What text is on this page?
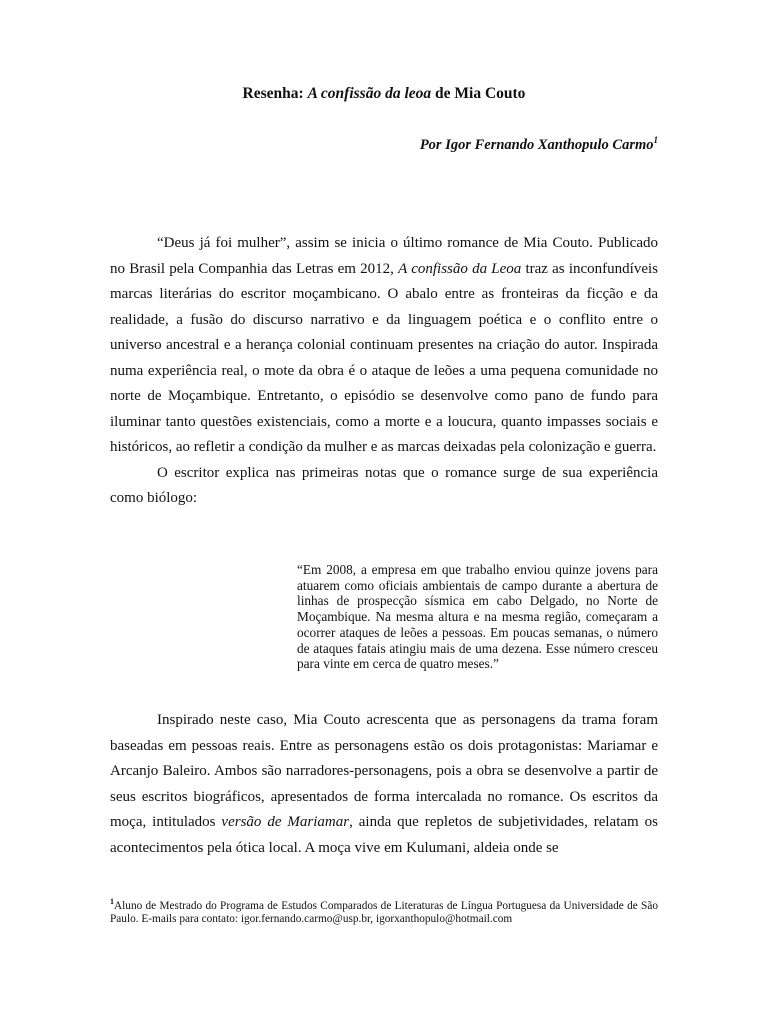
Resenha: A confissão da leoa de Mia Couto
Por Igor Fernando Xanthopulo Carmo$^1$

“Deus já foi mulher”, assim se inicia o último romance de Mia Couto. Publicado no Brasil pela Companhia das Letras em 2012, A confissão da Leoa traz as inconfundíveis marcas literárias do escritor moçambicano. O abalo entre as fronteiras da ficção e da realidade, a fusão do discurso narrativo e da linguagem poética e o conflito entre o universo ancestral e a herança colonial continuam presentes na criação do autor. Inspirada numa experiência real, o mote da obra é o ataque de leões a uma pequena comunidade no norte de Moçambique. Entretanto, o episódio se desenvolve como pano de fundo para iluminar tanto questões existenciais, como a morte e a loucura, quanto impasses sociais e históricos, ao refletir a condição da mulher e as marcas deixadas pela colonização e guerra.

O escritor explica nas primeiras notas que o romance surge de sua experiência como biólogo:

“Em 2008, a empresa em que trabalho enviou quinze jovens para atuarem como oficiais ambientais de campo durante a abertura de linhas de prospecção sísmica em cabo Delgado, no Norte de Moçambique. Na mesma altura e na mesma região, começaram a ocorrer ataques de leões a pessoas. Em poucas semanas, o número de ataques fatais atingiu mais de uma dezena. Esse número cresceu para vinte em cerca de quatro meses.”

Inspirado neste caso, Mia Couto acrescenta que as personagens da trama foram baseadas em pessoas reais. Entre as personagens estão os dois protagonistas: Mariamar e Arcanjo Baleiro. Ambos são narradores-personagens, pois a obra se desenvolve a partir de seus escritos biográficos, apresentados de forma intercalada no romance. Os escritos da moça, intitulados versão de Mariamar, ainda que repletos de subjetividades, relatam os acontecimentos pela ótica local. A moça vive em Kulumani, aldeia onde se

$^1$Aluno de Mestrado do Programa de Estudos Comparados de Literaturas de Língua Portuguesa da Universidade de São Paulo. E-mails para contato: igor.fernando.carmo@usp.br, igorxanthopulo@hotmail.com
